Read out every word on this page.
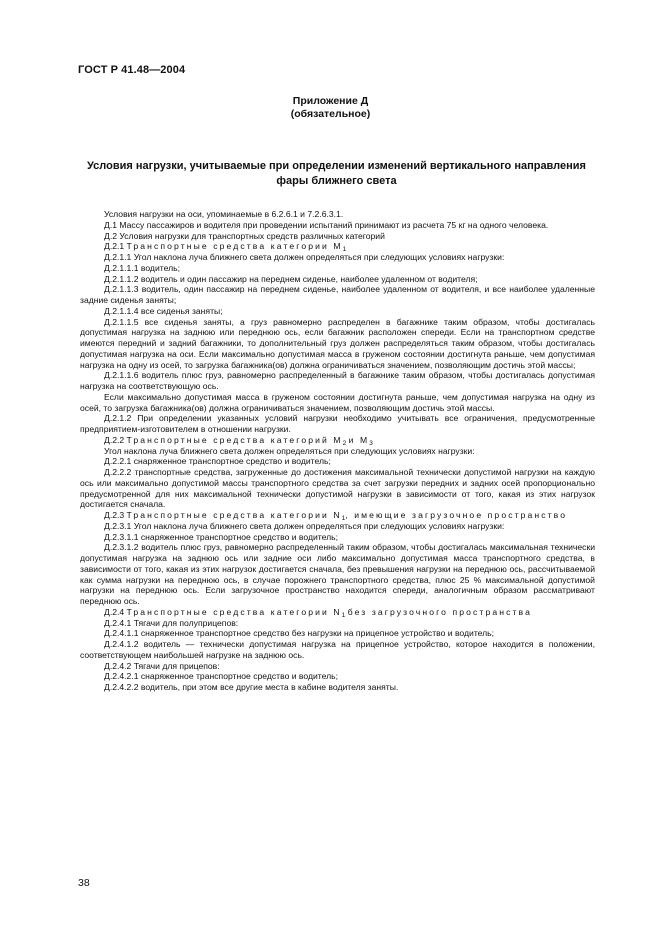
ГОСТ Р 41.48—2004
Приложение Д
(обязательное)
Условия нагрузки, учитываемые при определении изменений вертикального направления фары ближнего света

Условия нагрузки на оси, упоминаемые в 6.2.6.1 и 7.2.6.3.1.

Д.1 Массу пассажиров и водителя при проведении испытаний принимают из расчета 75 кг на одного человека.

Д.2 Условия нагрузки для транспортных средств различных категорий

Д.2.1 Транспортные средства категории $M_1$

Д.2.1.1 Угол наклона луча ближнего света должен определяться при следующих условиях нагрузки:

Д.2.1.1.1 водитель;

Д.2.1.1.2 водитель и один пассажир на переднем сиденье, наиболее удаленном от водителя;

Д.2.1.1.3 водитель, один пассажир на переднем сиденье, наиболее удаленном от водителя, и все наиболее удаленные задние сиденья заняты;

Д.2.1.1.4 все сиденья заняты;

Д.2.1.1.5 все сиденья заняты, а груз равномерно распределен в багажнике таким образом, чтобы достигалась допустимая нагрузка на заднюю или переднюю ось, если багажник расположен спереди. Если на транспортном средстве имеются передний и задний багажники, то дополнительный груз должен распределяться таким образом, чтобы достигалась допустимая нагрузка на оси. Если максимально допустимая масса в груженом состоянии достигнута раньше, чем допустимая нагрузка на одну из осей, то загрузка багажника(ов) должна ограничиваться значением, позволяющим достичь этой массы;

Д.2.1.1.6 водитель плюс груз, равномерно распределенный в багажнике таким образом, чтобы достигалась допустимая нагрузка на соответствующую ось.

Если максимально допустимая масса в груженом состоянии достигнута раньше, чем допустимая нагрузка на одну из осей, то загрузка багажника(ов) должна ограничиваться значением, позволяющим достичь этой массы.

Д.2.1.2 При определении указанных условий нагрузки необходимо учитывать все ограничения, предусмотренные предприятием-изготовителем в отношении нагрузки.

Д.2.2 Транспортные средства категорий $M_2$ и $M_3$

Угол наклона луча ближнего света должен определяться при следующих условиях нагрузки:

Д.2.2.1 снаряженное транспортное средство и водитель;

Д.2.2.2 транспортные средства, загруженные до достижения максимальной технически допустимой нагрузки на каждую ось или максимально допустимой массы транспортного средства за счет загрузки передних и задних осей пропорционально предусмотренной для них максимальной технически допустимой нагрузки в зависимости от того, какая из этих нагрузок достигается сначала.

Д.2.3 Транспортные средства категории $N_1$, имеющие загрузочное пространство

Д.2.3.1 Угол наклона луча ближнего света должен определяться при следующих условиях нагрузки:

Д.2.3.1.1 снаряженное транспортное средство и водитель;

Д.2.3.1.2 водитель плюс груз, равномерно распределенный таким образом, чтобы достигалась максимальная технически допустимая нагрузка на заднюю ось или задние оси либо максимально допустимая масса транспортного средства, в зависимости от того, какая из этих нагрузок достигается сначала, без превышения нагрузки на переднюю ось, рассчитываемой как сумма нагрузки на переднюю ось, в случае порожнего транспортного средства, плюс 25 % максимальной допустимой нагрузки на переднюю ось. Если загрузочное пространство находится спереди, аналогичным образом рассматривают переднюю ось.

Д.2.4 Транспортные средства категории $N_1$ без загрузочного пространства

Д.2.4.1 Тягачи для полуприцепов:

Д.2.4.1.1 снаряженное транспортное средство без нагрузки на прицепное устройство и водитель;

Д.2.4.1.2 водитель — технически допустимая нагрузка на прицепное устройство, которое находится в положении, соответствующем наибольшей нагрузке на заднюю ось.

Д.2.4.2 Тягачи для прицепов:

Д.2.4.2.1 снаряженное транспортное средство и водитель;

Д.2.4.2.2 водитель, при этом все другие места в кабине водителя заняты.

38
